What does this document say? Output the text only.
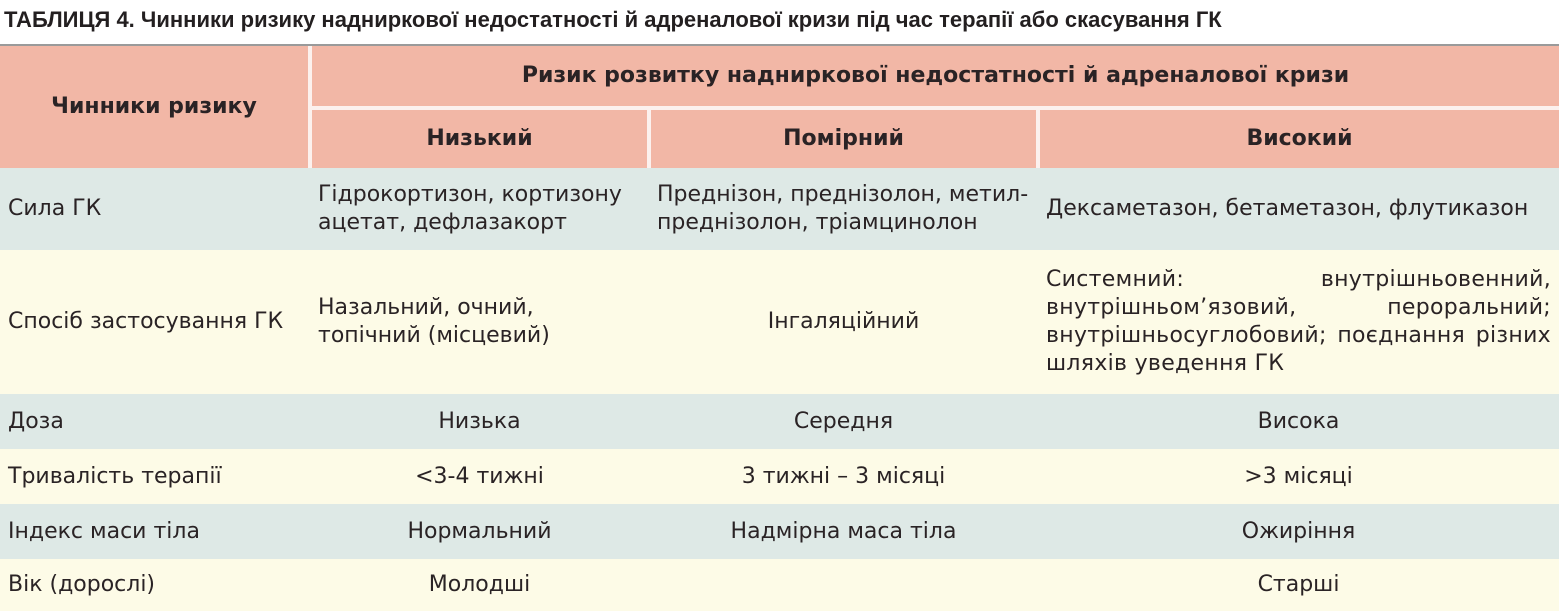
ТАБЛИЦЯ 4. Чинники ризику надниркової недостатності й адреналової кризи під час терапії або скасування ГК
Чинники ризику	Ризик розвитку надниркової недостатності й адреналової кризи		
	Низький	Помірний	Високий
Сила ГК	Гідрокортизон, кортизону ацетат, дефлазакорт	Преднізон, преднізолон, метил-преднізолон, тріамцинолон	Дексаметазон, бетаметазон, флутиказон
Спосіб застосування ГК	Назальний, очний, топічний (місцевий)	Інгаляційний	Системний: внутрішньовенний, внутрішньом’язовий, пероральний; внутрішньосуглобовий; поєднання різних шляхів уведення ГК
Доза	Низька	Середня	Висока
Тривалість терапії	<3-4 тижні	3 тижні – 3 місяці	>3 місяці
Індекс маси тіла	Нормальний	Надмірна маса тіла	Ожиріння
Вік (дорослі)	Молодші		Старші
